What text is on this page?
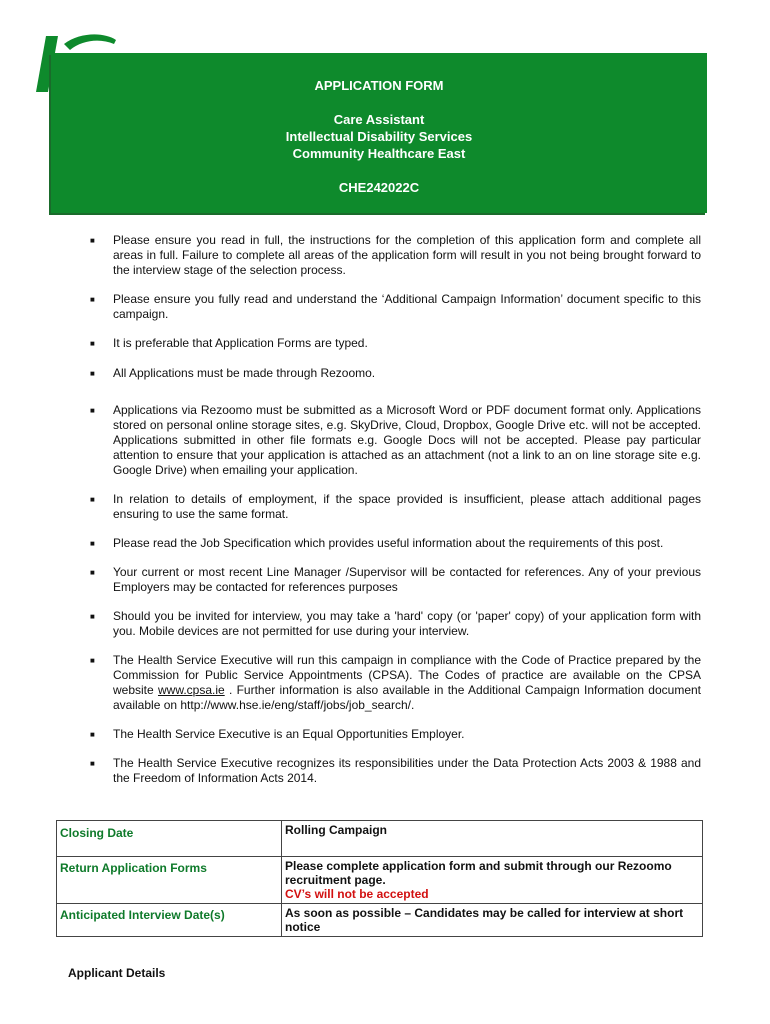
APPLICATION FORM
Care Assistant
Intellectual Disability Services
Community Healthcare East
CHE242022C
■ Please ensure you read in full, the instructions for the completion of this application form and complete all areas in full. Failure to complete all areas of the application form will result in you not being brought forward to the interview stage of the selection process.
■ Please ensure you fully read and understand the ‘Additional Campaign Information’ document specific to this campaign.
■ It is preferable that Application Forms are typed.
■ All Applications must be made through Rezoomo.
■ Applications via Rezoomo must be submitted as a Microsoft Word or PDF document format only. Applications stored on personal online storage sites, e.g. SkyDrive, Cloud, Dropbox, Google Drive etc. will not be accepted. Applications submitted in other file formats e.g. Google Docs will not be accepted. Please pay particular attention to ensure that your application is attached as an attachment (not a link to an on line storage site e.g. Google Drive) when emailing your application.
■ In relation to details of employment, if the space provided is insufficient, please attach additional pages ensuring to use the same format.
■ Please read the Job Specification which provides useful information about the requirements of this post.
■ Your current or most recent Line Manager /Supervisor will be contacted for references. Any of your previous Employers may be contacted for references purposes
■ Should you be invited for interview, you may take a 'hard' copy (or 'paper' copy) of your application form with you. Mobile devices are not permitted for use during your interview.
■ The Health Service Executive will run this campaign in compliance with the Code of Practice prepared by the Commission for Public Service Appointments (CPSA). The Codes of practice are available on the CPSA website www.cpsa.ie . Further information is also available in the Additional Campaign Information document available on http://www.hse.ie/eng/staff/jobs/job_search/.
■ The Health Service Executive is an Equal Opportunities Employer.
■ The Health Service Executive recognizes its responsibilities under the Data Protection Acts 2003 & 1988 and the Freedom of Information Acts 2014.
Closing Date	Rolling Campaign
Return Application Forms	Please complete application form and submit through our Rezoomo recruitment page.
CV’s will not be accepted

Anticipated Interview Date(s)	As soon as possible – Candidates may be called for interview at short notice
Applicant Details
